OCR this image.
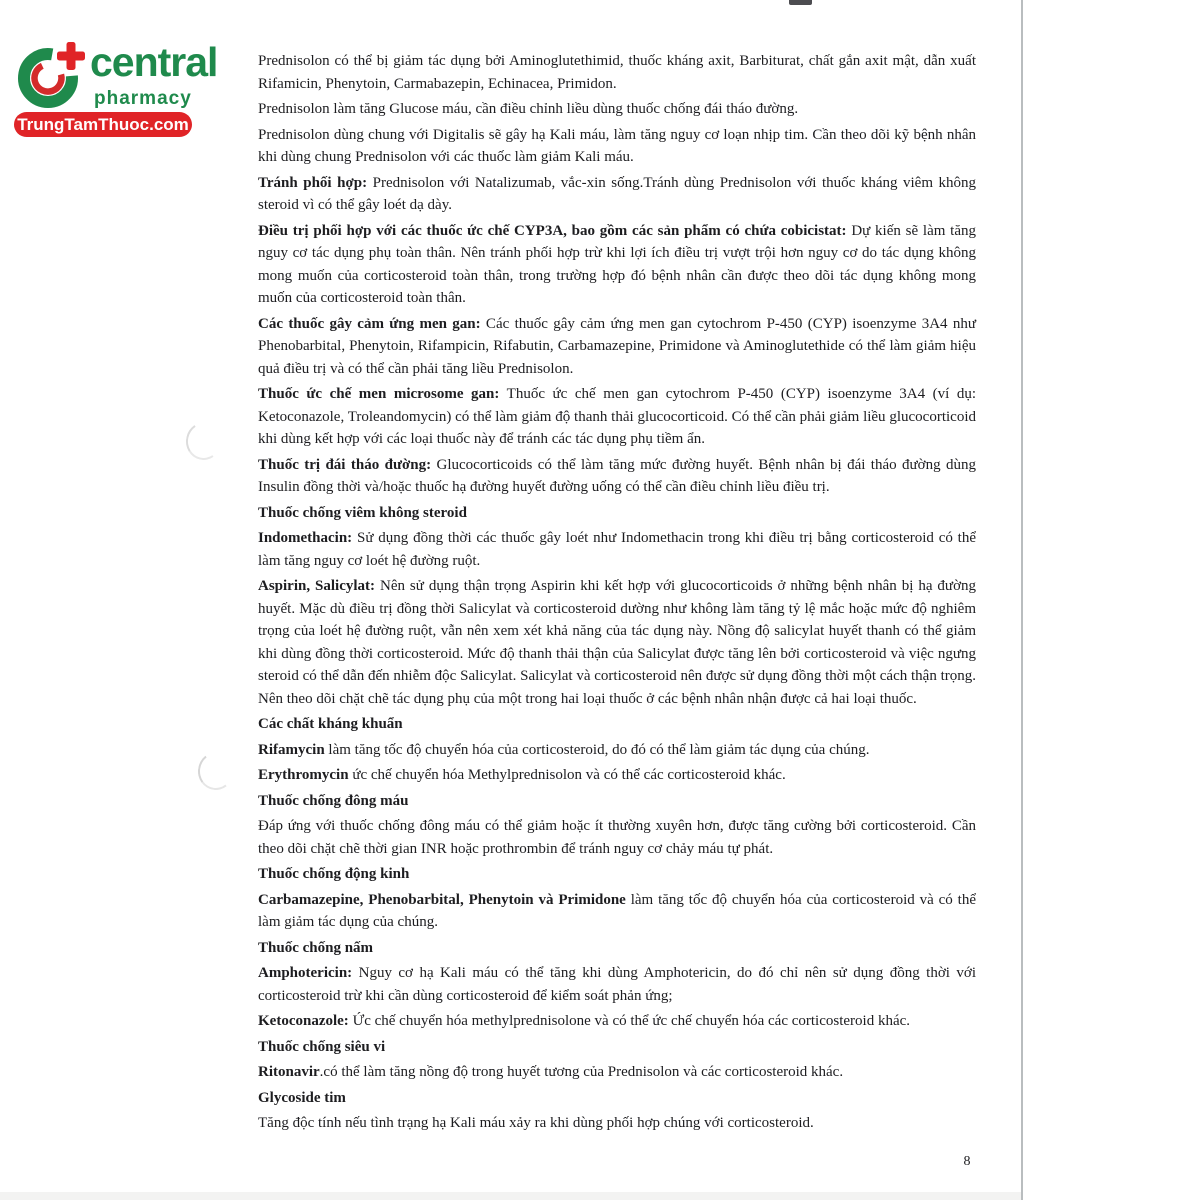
central
pharmacy
TrungTamThuoc.com
Prednisolon có thể bị giảm tác dụng bởi Aminoglutethimid, thuốc kháng axit, Barbiturat, chất gắn axit mật, dẫn xuất Rifamicin, Phenytoin, Carmabazepin, Echinacea, Primidon.
Prednisolon làm tăng Glucose máu, cần điều chỉnh liều dùng thuốc chống đái tháo đường.
Prednisolon dùng chung với Digitalis sẽ gây hạ Kali máu, làm tăng nguy cơ loạn nhịp tim. Cần theo dõi kỹ bệnh nhân khi dùng chung Prednisolon với các thuốc làm giảm Kali máu.
Tránh phối hợp: Prednisolon với Natalizumab, vắc-xin sống.Tránh dùng Prednisolon với thuốc kháng viêm không steroid vì có thể gây loét dạ dày.
Điều trị phối hợp với các thuốc ức chế CYP3A, bao gồm các sản phẩm có chứa cobicistat: Dự kiến sẽ làm tăng nguy cơ tác dụng phụ toàn thân. Nên tránh phối hợp trừ khi lợi ích điều trị vượt trội hơn nguy cơ do tác dụng không mong muốn của corticosteroid toàn thân, trong trường hợp đó bệnh nhân cần được theo dõi tác dụng không mong muốn của corticosteroid toàn thân.
Các thuốc gây cảm ứng men gan: Các thuốc gây cảm ứng men gan cytochrom P-450 (CYP) isoenzyme 3A4 như Phenobarbital, Phenytoin, Rifampicin, Rifabutin, Carbamazepine, Primidone và Aminoglutethide có thể làm giảm hiệu quả điều trị và có thể cần phải tăng liều Prednisolon.
Thuốc ức chế men microsome gan: Thuốc ức chế men gan cytochrom P-450 (CYP) isoenzyme 3A4 (ví dụ: Ketoconazole, Troleandomycin) có thể làm giảm độ thanh thải glucocorticoid. Có thể cần phải giảm liều glucocorticoid khi dùng kết hợp với các loại thuốc này để tránh các tác dụng phụ tiềm ẩn.
Thuốc trị đái tháo đường: Glucocorticoids có thể làm tăng mức đường huyết. Bệnh nhân bị đái tháo đường dùng Insulin đồng thời và/hoặc thuốc hạ đường huyết đường uống có thể cần điều chỉnh liều điều trị.
Thuốc chống viêm không steroid
Indomethacin: Sử dụng đồng thời các thuốc gây loét như Indomethacin trong khi điều trị bằng corticosteroid có thể làm tăng nguy cơ loét hệ đường ruột.
Aspirin, Salicylat: Nên sử dụng thận trọng Aspirin khi kết hợp với glucocorticoids ở những bệnh nhân bị hạ đường huyết. Mặc dù điều trị đồng thời Salicylat và corticosteroid dường như không làm tăng tỷ lệ mắc hoặc mức độ nghiêm trọng của loét hệ đường ruột, vẫn nên xem xét khả năng của tác dụng này. Nồng độ salicylat huyết thanh có thể giảm khi dùng đồng thời corticosteroid. Mức độ thanh thải thận của Salicylat được tăng lên bởi corticosteroid và việc ngưng steroid có thể dẫn đến nhiễm độc Salicylat. Salicylat và corticosteroid nên được sử dụng đồng thời một cách thận trọng. Nên theo dõi chặt chẽ tác dụng phụ của một trong hai loại thuốc ở các bệnh nhân nhận được cả hai loại thuốc.
Các chất kháng khuẩn
Rifamycin làm tăng tốc độ chuyển hóa của corticosteroid, do đó có thể làm giảm tác dụng của chúng.
Erythromycin ức chế chuyển hóa Methylprednisolon và có thể các corticosteroid khác.
Thuốc chống đông máu
Đáp ứng với thuốc chống đông máu có thể giảm hoặc ít thường xuyên hơn, được tăng cường bởi corticosteroid. Cần theo dõi chặt chẽ thời gian INR hoặc prothrombin để tránh nguy cơ chảy máu tự phát.
Thuốc chống động kinh
Carbamazepine, Phenobarbital, Phenytoin và Primidone làm tăng tốc độ chuyển hóa của corticosteroid và có thể làm giảm tác dụng của chúng.
Thuốc chống nấm
Amphotericin: Nguy cơ hạ Kali máu có thể tăng khi dùng Amphotericin, do đó chỉ nên sử dụng đồng thời với corticosteroid trừ khi cần dùng corticosteroid để kiểm soát phản ứng;
Ketoconazole: Ức chế chuyển hóa methylprednisolone và có thể ức chế chuyển hóa các corticosteroid khác.
Thuốc chống siêu vi
Ritonavir.có thể làm tăng nồng độ trong huyết tương của Prednisolon và các corticosteroid khác.
Glycoside tim
Tăng độc tính nếu tình trạng hạ Kali máu xảy ra khi dùng phối hợp chúng với corticosteroid.
8
